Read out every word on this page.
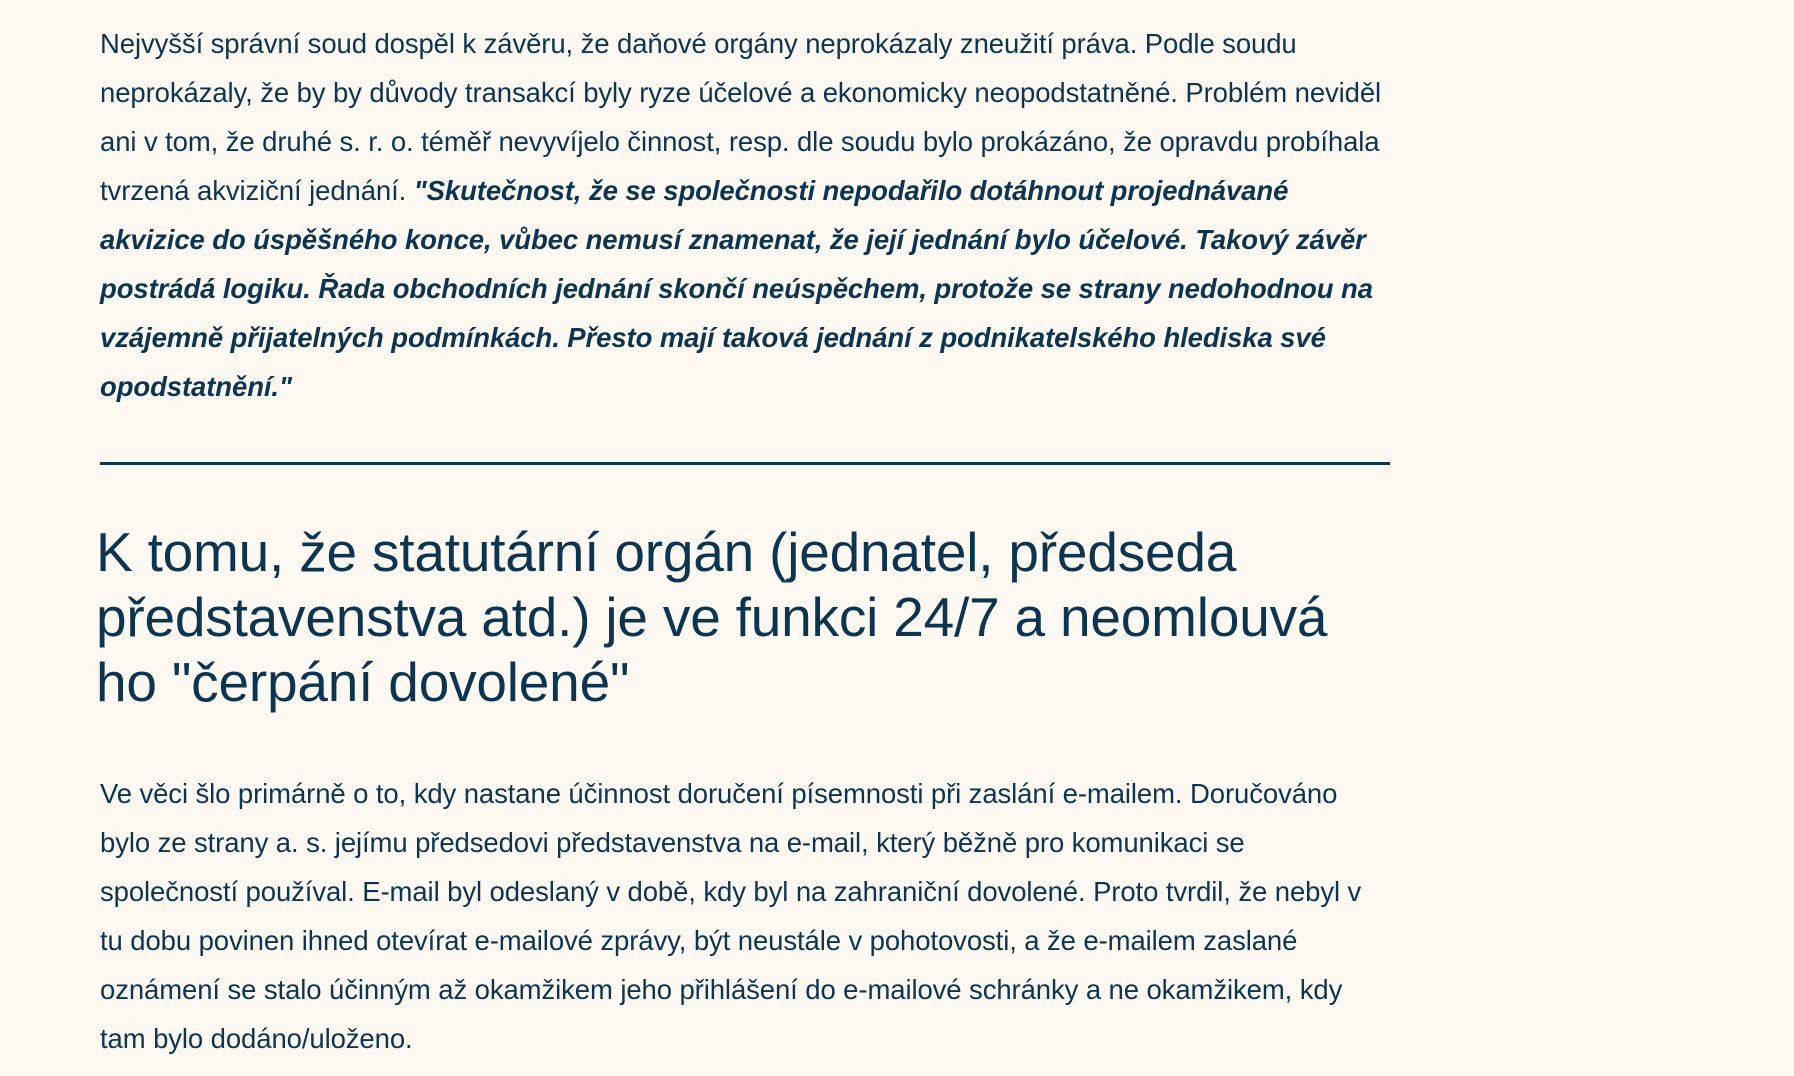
Nejvyšší správní soud dospěl k závěru, že daňové orgány neprokázaly zneužití práva. Podle soudu neprokázaly, že by by důvody transakcí byly ryze účelové a ekonomicky neopodstatněné. Problém neviděl ani v tom, že druhé s. r. o. téměř nevyvíjelo činnost, resp. dle soudu bylo prokázáno, že opravdu probíhala tvrzená akviziční jednání. "Skutečnost, že se společnosti nepodařilo dotáhnout projednávané akvizice do úspěšného konce, vůbec nemusí znamenat, že její jednání bylo účelové. Takový závěr postrádá logiku. Řada obchodních jednání skončí neúspěchem, protože se strany nedohodnou na vzájemně přijatelných podmínkách. Přesto mají taková jednání z podnikatelského hlediska své opodstatnění."

K tomu, že statutární orgán (jednatel, předseda představenstva atd.) je ve funkci 24/7 a neomlouvá ho "čerpání dovolené"

Ve věci šlo primárně o to, kdy nastane účinnost doručení písemnosti při zaslání e-mailem. Doručováno bylo ze strany a. s. jejímu předsedovi představenstva na e-mail, který běžně pro komunikaci se společností používal. E-mail byl odeslaný v době, kdy byl na zahraniční dovolené. Proto tvrdil, že nebyl v tu dobu povinen ihned otevírat e-mailové zprávy, být neustále v pohotovosti, a že e-mailem zaslané oznámení se stalo účinným až okamžikem jeho přihlášení do e-mailové schránky a ne okamžikem, kdy tam bylo dodáno/uloženo.
